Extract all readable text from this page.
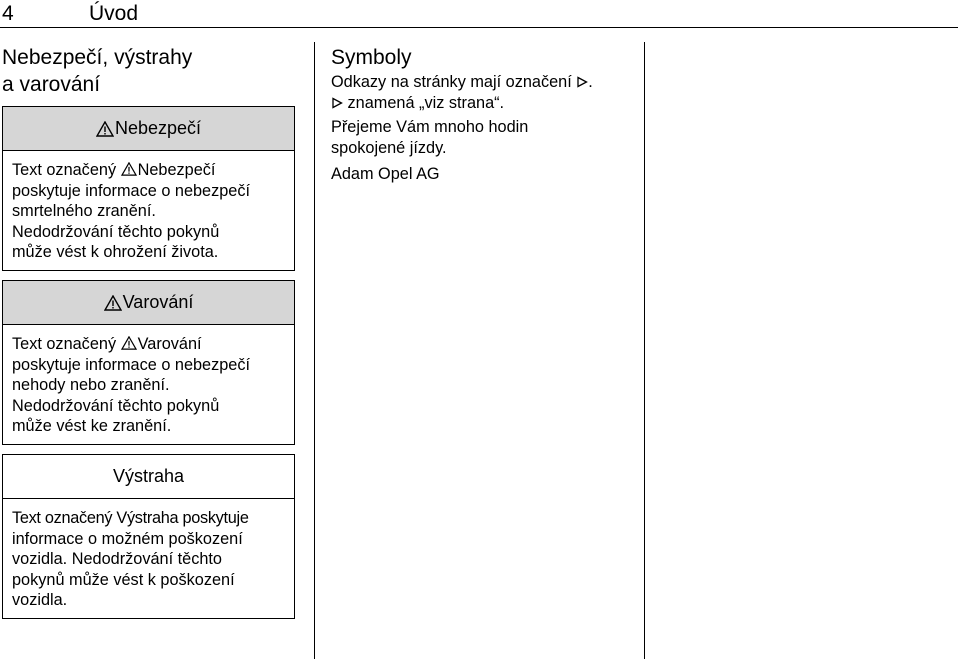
4	Úvod
Nebezpečí, výstrahy
a varování
Nebezpečí
Text označený Nebezpečí
poskytuje informace o nebezpečí
smrtelného zranění.
Nedodržování těchto pokynů
může vést k ohrožení života.
Varování
Text označený Varování
poskytuje informace o nebezpečí
nehody nebo zranění.
Nedodržování těchto pokynů
může vést ke zranění.
Výstraha
Text označený Výstraha poskytuje
informace o možném poškození
vozidla. Nedodržování těchto
pokynů může vést k poškození
vozidla.
Symboly

Odkazy na stránky mají označení .

znamená „viz strana“.

Přejeme Vám mnoho hodin

spokojené jízdy.

Adam Opel AG
